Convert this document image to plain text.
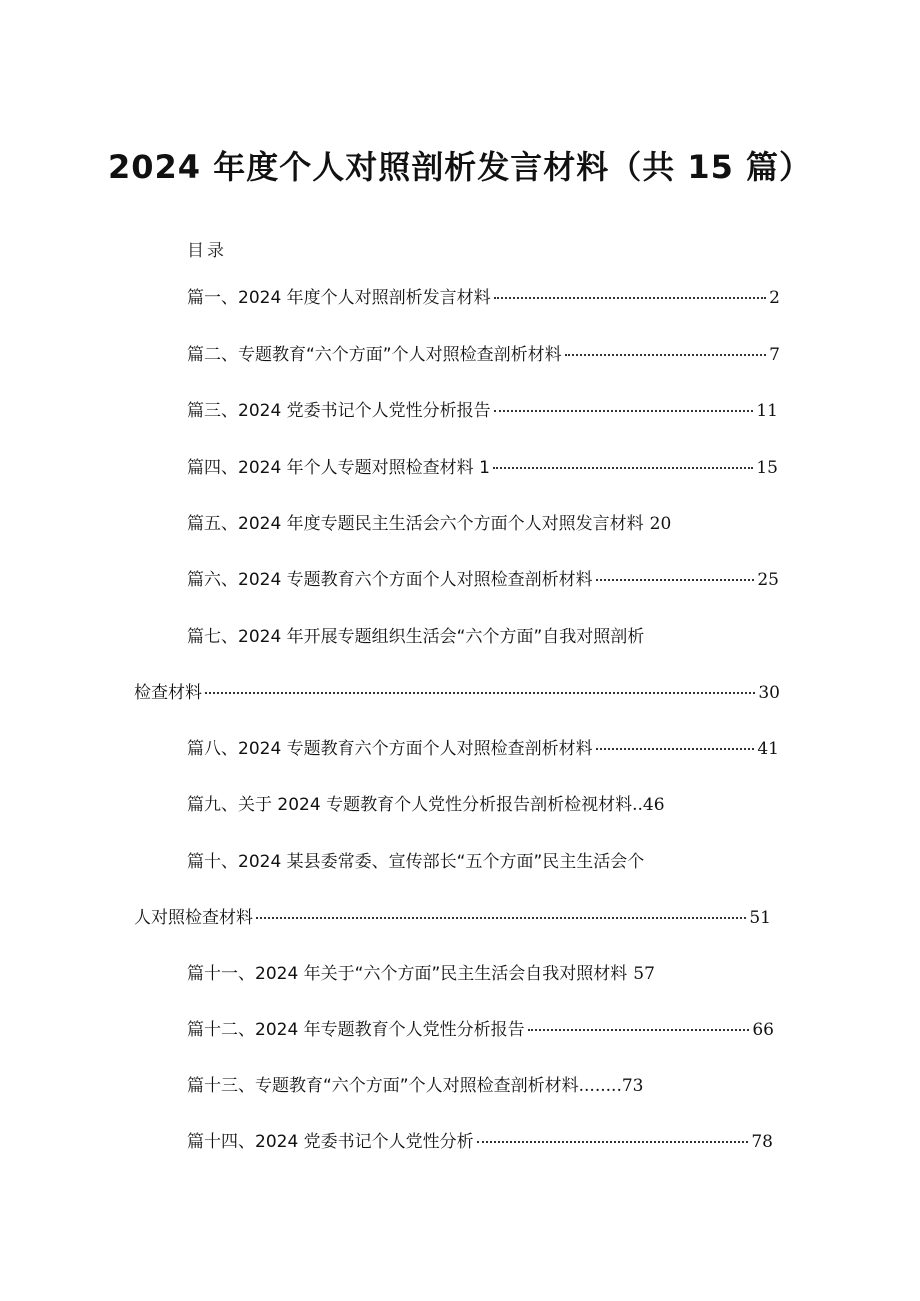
2024 年度个人对照剖析发言材料（共 15 篇）
目录
篇一、2024 年度个人对照剖析发言材料	2
篇二、专题教育“六个方面”个人对照检查剖析材料	7
篇三、2024 党委书记个人党性分析报告	11
篇四、2024 年个人专题对照检查材料 1	15
篇五、2024 年度专题民主生活会六个方面个人对照发言材料 20
篇六、2024 专题教育六个方面个人对照检查剖析材料	25
篇七、2024 年开展专题组织生活会“六个方面”自我对照剖析
检查材料	30
篇八、2024 专题教育六个方面个人对照检查剖析材料	41
篇九、关于 2024 专题教育个人党性分析报告剖析检视材料 ..46
篇十、2024 某县委常委、宣传部长“五个方面”民主生活会个
人对照检查材料	51
篇十一、2024 年关于“六个方面”民主生活会自我对照材料 57
篇十二、2024 年专题教育个人党性分析报告	66
篇十三、专题教育“六个方面”个人对照检查剖析材料 ........73
篇十四、2024 党委书记个人党性分析	78
